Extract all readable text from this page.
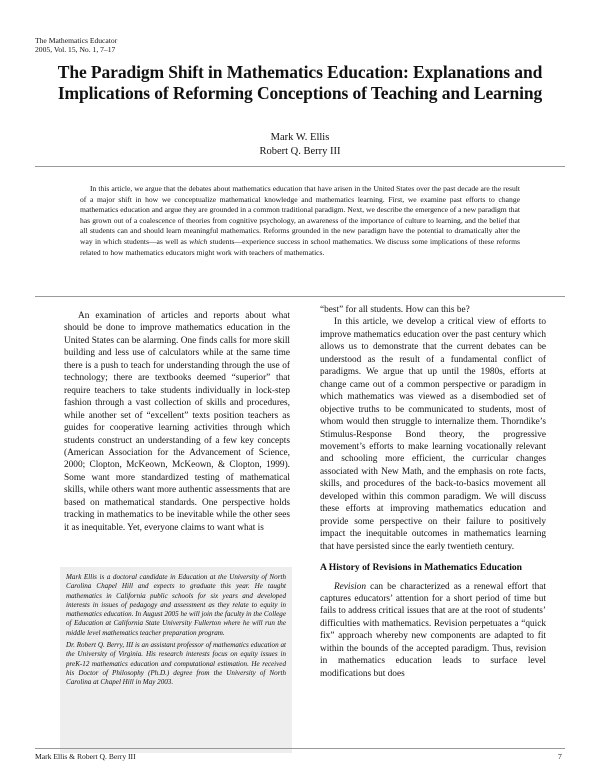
The Mathematics Educator
2005, Vol. 15, No. 1, 7–17
The Paradigm Shift in Mathematics Education: Explanations and Implications of Reforming Conceptions of Teaching and Learning
Mark W. Ellis
Robert Q. Berry III
In this article, we argue that the debates about mathematics education that have arisen in the United States over the past decade are the result of a major shift in how we conceptualize mathematical knowledge and mathematics learning. First, we examine past efforts to change mathematics education and argue they are grounded in a common traditional paradigm. Next, we describe the emergence of a new paradigm that has grown out of a coalescence of theories from cognitive psychology, an awareness of the importance of culture to learning, and the belief that all students can and should learn meaningful mathematics. Reforms grounded in the new paradigm have the potential to dramatically alter the way in which students—as well as which students—experience success in school mathematics. We discuss some implications of these reforms related to how mathematics educators might work with teachers of mathematics.

An examination of articles and reports about what should be done to improve mathematics education in the United States can be alarming. One finds calls for more skill building and less use of calculators while at the same time there is a push to teach for understanding through the use of technology; there are textbooks deemed “superior” that require teachers to take students individually in lock-step fashion through a vast collection of skills and procedures, while another set of “excellent” texts position teachers as guides for cooperative learning activities through which students construct an understanding of a few key concepts (American Association for the Advancement of Science, 2000; Clopton, McKeown, McKeown, & Clopton, 1999). Some want more standardized testing of mathematical skills, while others want more authentic assessments that are based on mathematical standards. One perspective holds tracking in mathematics to be inevitable while the other sees it as inequitable. Yet, everyone claims to want what is

Mark Ellis is a doctoral candidate in Education at the University of North Carolina Chapel Hill and expects to graduate this year. He taught mathematics in California public schools for six years and developed interests in issues of pedagogy and assessment as they relate to equity in mathematics education. In August 2005 he will join the faculty in the College of Education at California State University Fullerton where he will run the middle level mathematics teacher preparation program.

Dr. Robert Q. Berry, III is an assistant professor of mathematics education at the University of Virginia. His research interests focus on equity issues in preK-12 mathematics education and computational estimation. He received his Doctor of Philosophy (Ph.D.) degree from the University of North Carolina at Chapel Hill in May 2003.

“best” for all students. How can this be?

In this article, we develop a critical view of efforts to improve mathematics education over the past century which allows us to demonstrate that the current debates can be understood as the result of a fundamental conflict of paradigms. We argue that up until the 1980s, efforts at change came out of a common perspective or paradigm in which mathematics was viewed as a disembodied set of objective truths to be communicated to students, most of whom would then struggle to internalize them. Thorndike’s Stimulus-Response Bond theory, the progressive movement’s efforts to make learning vocationally relevant and schooling more efficient, the curricular changes associated with New Math, and the emphasis on rote facts, skills, and procedures of the back-to-basics movement all developed within this common paradigm. We will discuss these efforts at improving mathematics education and provide some perspective on their failure to positively impact the inequitable outcomes in mathematics learning that have persisted since the early twentieth century.

A History of Revisions in Mathematics Education

Revision can be characterized as a renewal effort that captures educators’ attention for a short period of time but fails to address critical issues that are at the root of students’ difficulties with mathematics. Revision perpetuates a “quick fix” approach whereby new components are adapted to fit within the bounds of the accepted paradigm. Thus, revision in mathematics education leads to surface level modifications but does

Mark Ellis & Robert Q. Berry III	7
